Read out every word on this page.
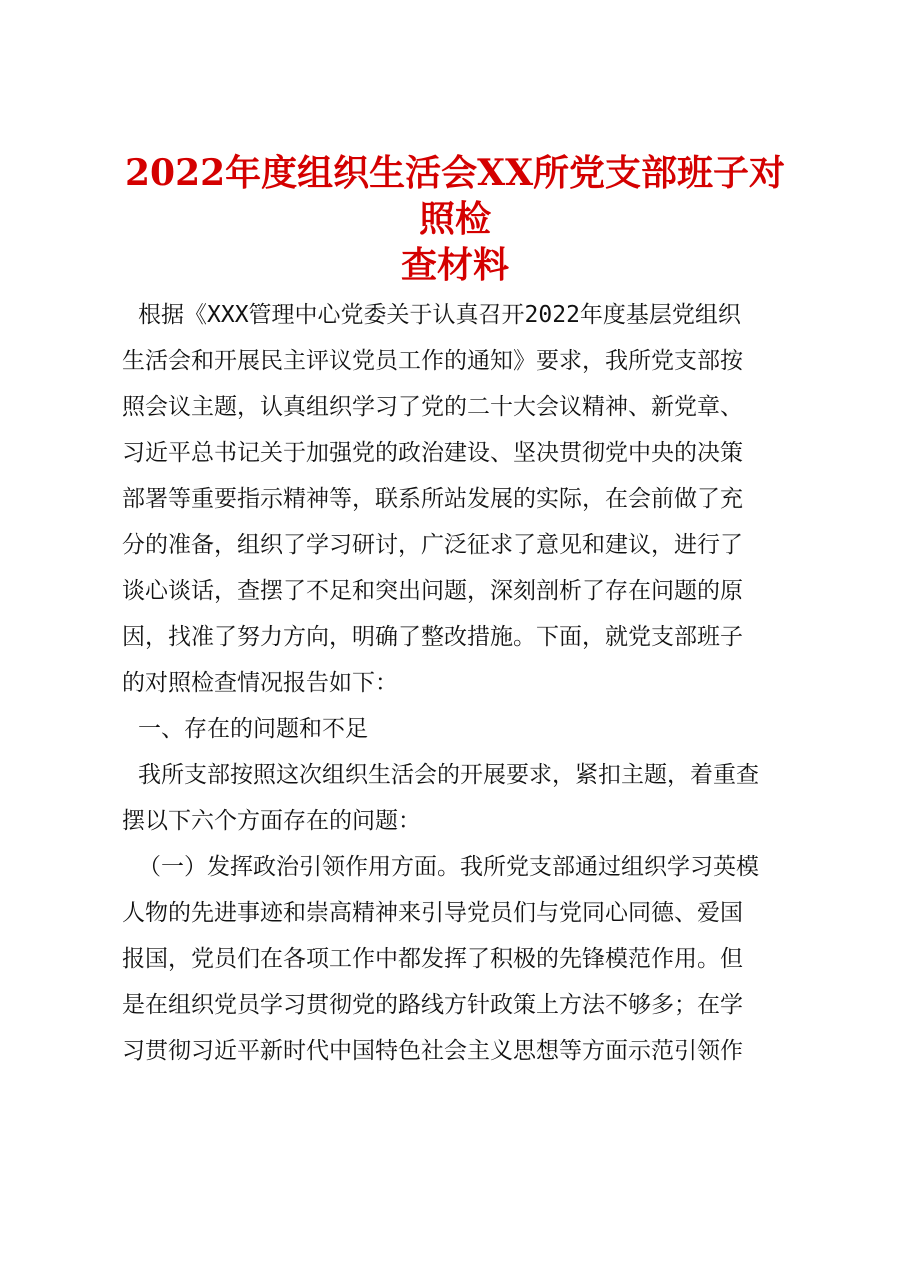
2022年度组织生活会XX所党支部班子对照检
查材料
根据《XXX管理中心党委关于认真召开2022年度基层党组织
生活会和开展民主评议党员工作的通知》要求，我所党支部按
照会议主题，认真组织学习了党的二十大会议精神、新党章、
习近平总书记关于加强党的政治建设、坚决贯彻党中央的决策
部署等重要指示精神等，联系所站发展的实际，在会前做了充
分的准备，组织了学习研讨，广泛征求了意见和建议，进行了
谈心谈话，查摆了不足和突出问题，深刻剖析了存在问题的原
因，找准了努力方向，明确了整改措施。下面，就党支部班子
的对照检查情况报告如下：
一、存在的问题和不足
我所支部按照这次组织生活会的开展要求，紧扣主题，着重查
摆以下六个方面存在的问题：
（一）发挥政治引领作用方面。我所党支部通过组织学习英模
人物的先进事迹和崇高精神来引导党员们与党同心同德、爱国
报国，党员们在各项工作中都发挥了积极的先锋模范作用。但
是在组织党员学习贯彻党的路线方针政策上方法不够多；在学
习贯彻习近平新时代中国特色社会主义思想等方面示范引领作
